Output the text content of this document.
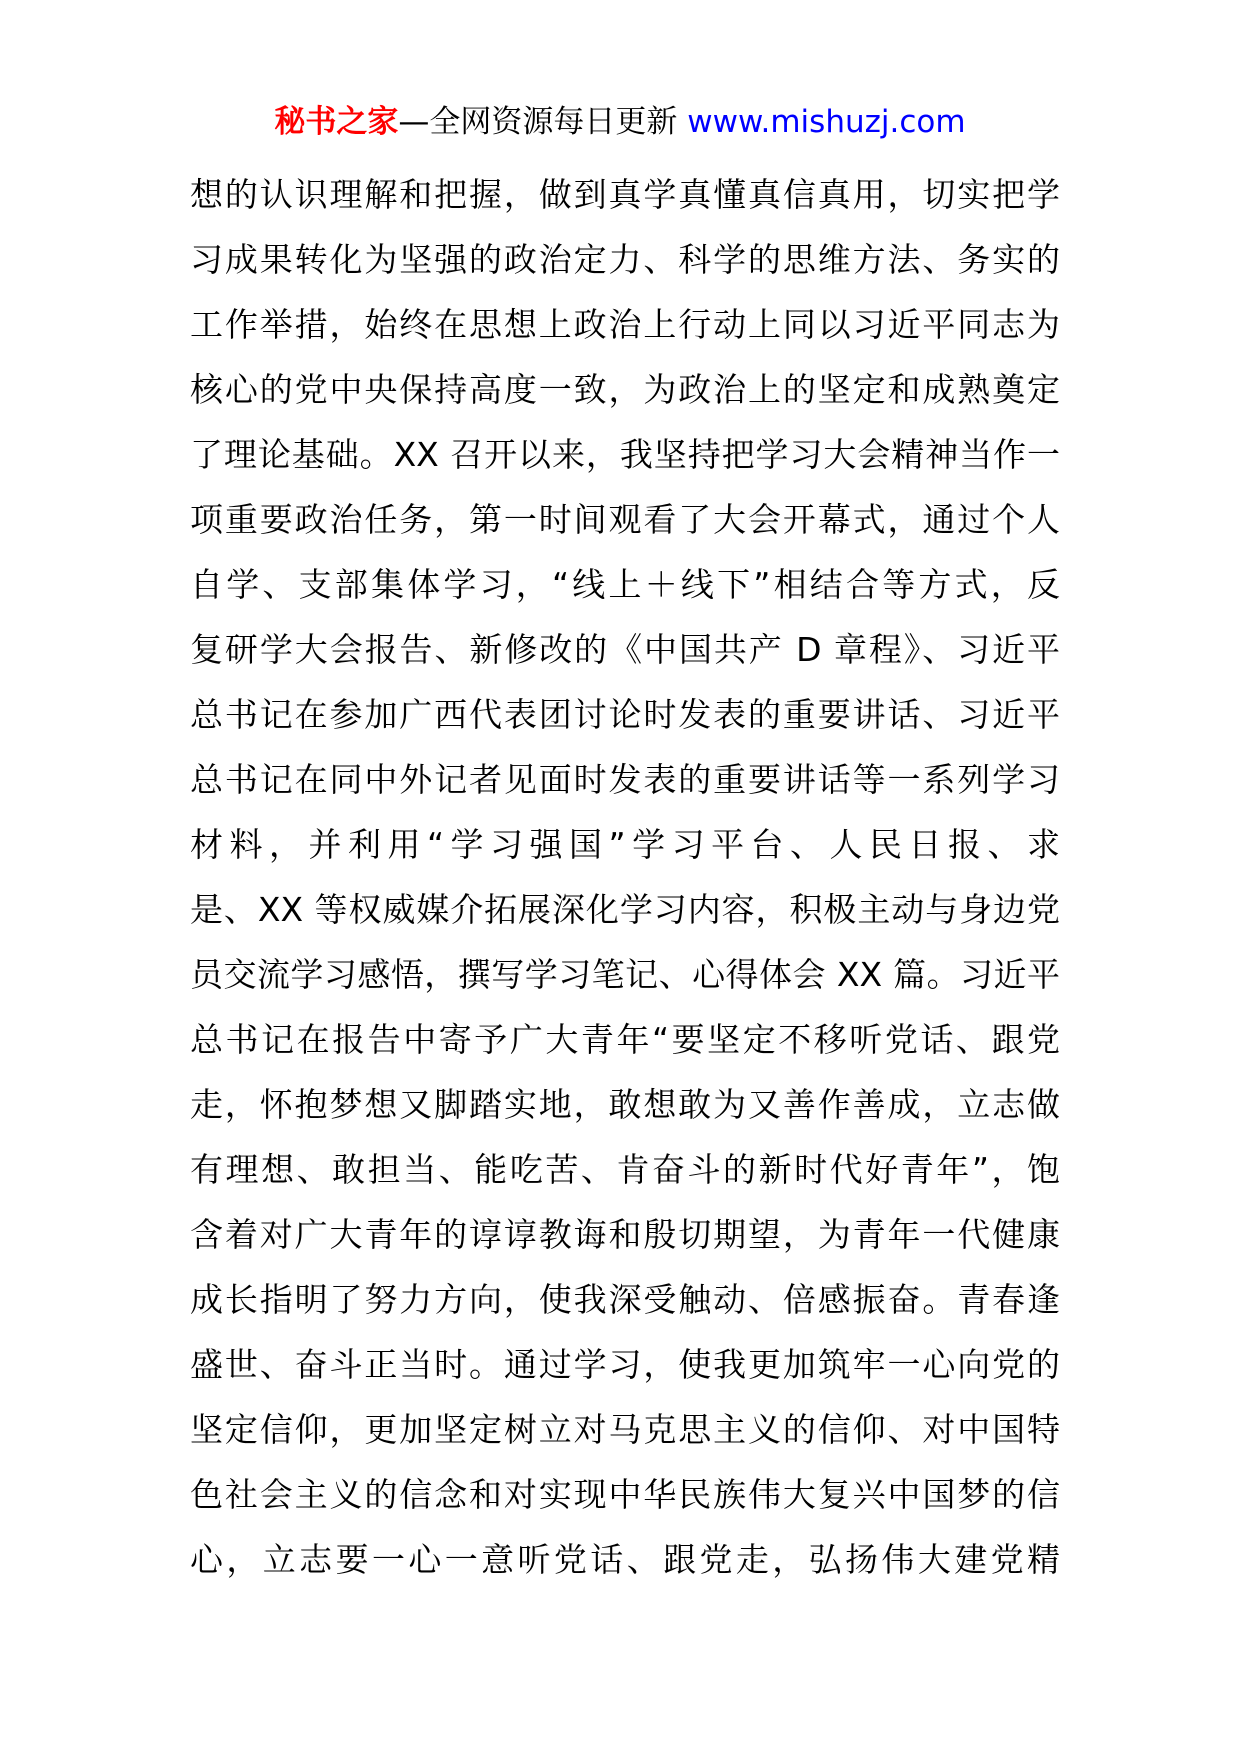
秘书之家—全网资源每日更新 www.mishuzj.com
想的认识理解和把握，做到真学真懂真信真用，切实把学
习成果转化为坚强的政治定力、科学的思维方法、务实的
工作举措，始终在思想上政治上行动上同以习近平同志为
核心的党中央保持高度一致，为政治上的坚定和成熟奠定
了理论基础。XX 召开以来，我坚持把学习大会精神当作一
项重要政治任务，第一时间观看了大会开幕式，通过个人
自学、支部集体学习，“线上＋线下”相结合等方式，反
复研学大会报告、新修改的《中国共产 D 章程》、习近平
总书记在参加广西代表团讨论时发表的重要讲话、习近平
总书记在同中外记者见面时发表的重要讲话等一系列学习
材料，并利用“学习强国”学习平台、人民日报、求
是、XX 等权威媒介拓展深化学习内容，积极主动与身边党
员交流学习感悟，撰写学习笔记、心得体会 XX 篇。习近平
总书记在报告中寄予广大青年“要坚定不移听党话、跟党
走，怀抱梦想又脚踏实地，敢想敢为又善作善成，立志做
有理想、敢担当、能吃苦、肯奋斗的新时代好青年”，饱
含着对广大青年的谆谆教诲和殷切期望，为青年一代健康
成长指明了努力方向，使我深受触动、倍感振奋。青春逢
盛世、奋斗正当时。通过学习，使我更加筑牢一心向党的
坚定信仰，更加坚定树立对马克思主义的信仰、对中国特
色社会主义的信念和对实现中华民族伟大复兴中国梦的信
心，立志要一心一意听党话、跟党走，弘扬伟大建党精
